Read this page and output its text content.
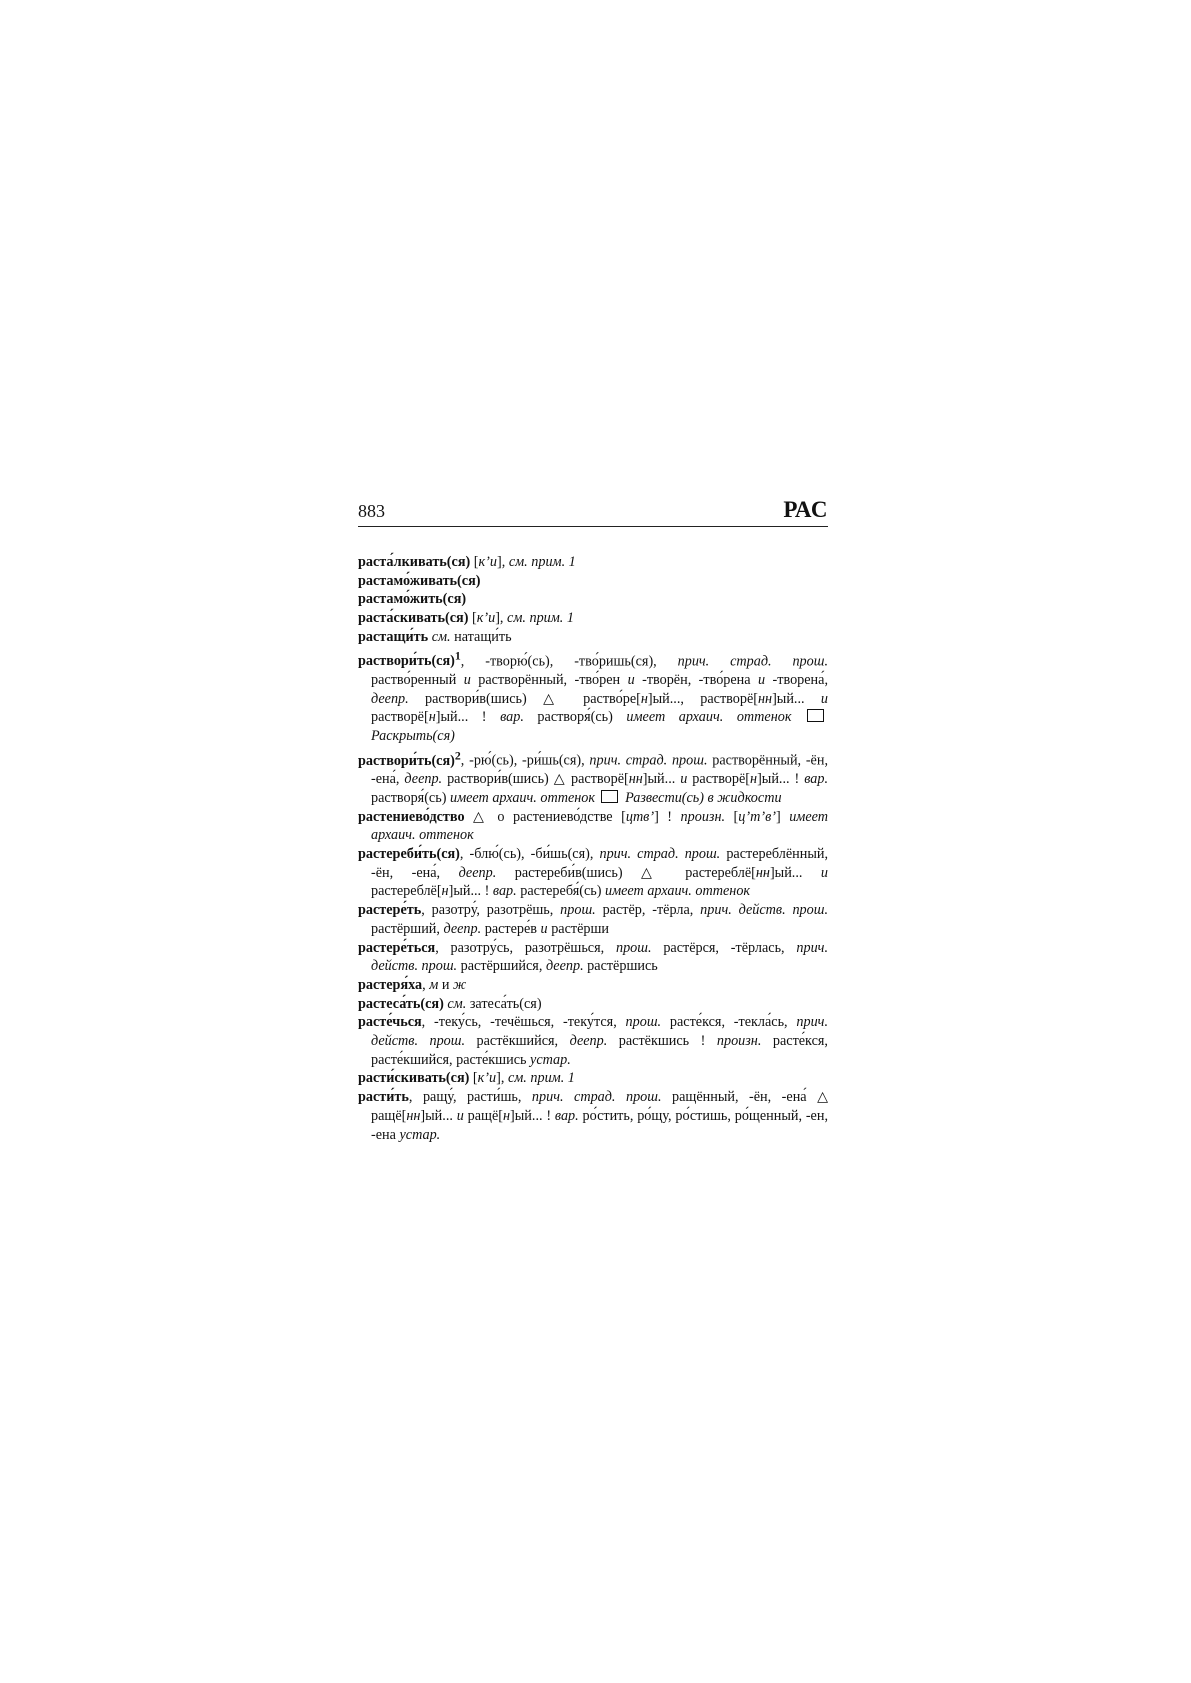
883	РАС

раста́лкивать(ся) [к’и], см. прим. 1

растамо́живать(ся)

растамо́жить(ся)

раста́скивать(ся) [к’и], см. прим. 1

растащи́ть см. натащи́ть

раствори́ть(ся)$^1$, -творю́(сь), -тво́ришь(ся), прич. страд. прош. раство́ренный и растворённый, -тво́рен и -творён, -тво́рена и -творена́, деепр. раствори́в(шись) △ раство́ре[н]ый..., растворё[нн]ый... и растворё[н]ый... ! вар. растворя́(сь) имеет архаич. оттенок  Раскрыть(ся)

раствори́ть(ся)$^2$, -рю́(сь), -ри́шь(ся), прич. страд. прош. растворённый, -ён, -ена́, деепр. раствори́в(шись) △ растворё[нн]ый... и растворё[н]ый... ! вар. растворя́(сь) имеет архаич. оттенок Развести(сь) в жидкости

растениево́дство △ о растениево́дстве [цтв’] ! произн. [ц’т’в’] имеет архаич. оттенок

растереби́ть(ся), -блю́(сь), -би́шь(ся), прич. страд. прош. растереблённый, -ён, -ена́, деепр. растереби́в(шись) △ растереблё[нн]ый... и растереблё[н]ый... ! вар. растеребя́(сь) имеет архаич. оттенок

растере́ть, разотру́, разотрёшь, прош. растёр, -тёрла, прич. действ. прош. растёрший, деепр. растере́в и растёрши

растере́ться, разотру́сь, разотрёшься, прош. растёрся, -тёрлась, прич. действ. прош. растёршийся, деепр. растёршись

растеря́ха, м и ж

растеса́ть(ся) см. затеса́ть(ся)

расте́чься, -теку́сь, -течёшься, -теку́тся, прош. расте́кся, -текла́сь, прич. действ. прош. растёкшийся, деепр. растёкшись ! произн. расте́кся, расте́кшийся, расте́кшись устар.

расти́скивать(ся) [к’и], см. прим. 1

расти́ть, ращу́, расти́шь, прич. страд. прош. ращённый, -ён, -ена́ △ ращё[нн]ый... и ращё[н]ый... ! вар. ро́стить, ро́щу, ро́стишь, ро́щенный, -ен, -ена устар.
